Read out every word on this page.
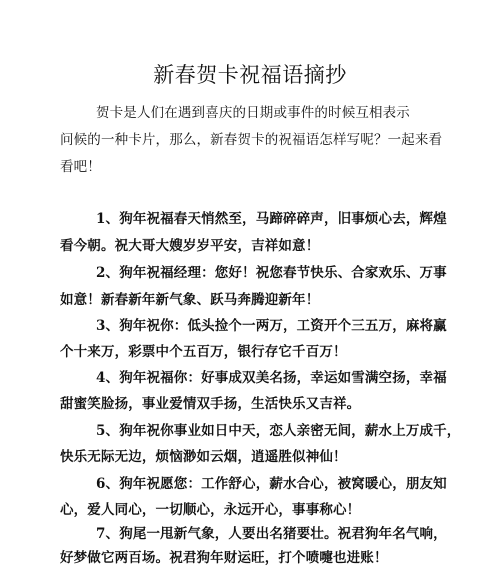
新春贺卡祝福语摘抄
贺卡是人们在遇到喜庆的日期或事件的时候互相表示
问候的一种卡片，那么，新春贺卡的祝福语怎样写呢？一起来看
看吧！
1、狗年祝福春天悄然至，马蹄碎碎声，旧事烦心去，辉煌
看今朝。祝大哥大嫂岁岁平安，吉祥如意！
2、狗年祝福经理：您好！祝您春节快乐、合家欢乐、万事
如意！新春新年新气象、跃马奔腾迎新年！
3、狗年祝你：低头捡个一两万，工资开个三五万，麻将赢
个十来万，彩票中个五百万，银行存它千百万！
4、狗年祝福你：好事成双美名扬，幸运如雪满空扬，幸福
甜蜜笑脸扬，事业爱情双手扬，生活快乐又吉祥。
5、狗年祝你事业如日中天，恋人亲密无间，薪水上万成千，
快乐无际无边，烦恼渺如云烟，逍遥胜似神仙！
6、狗年祝愿您：工作舒心，薪水合心，被窝暖心，朋友知
心，爱人同心，一切顺心，永远开心，事事称心！
7、狗尾一甩新气象，人要出名猪要壮。祝君狗年名气响，
好梦做它两百场。祝君狗年财运旺，打个喷嚏也进账！
